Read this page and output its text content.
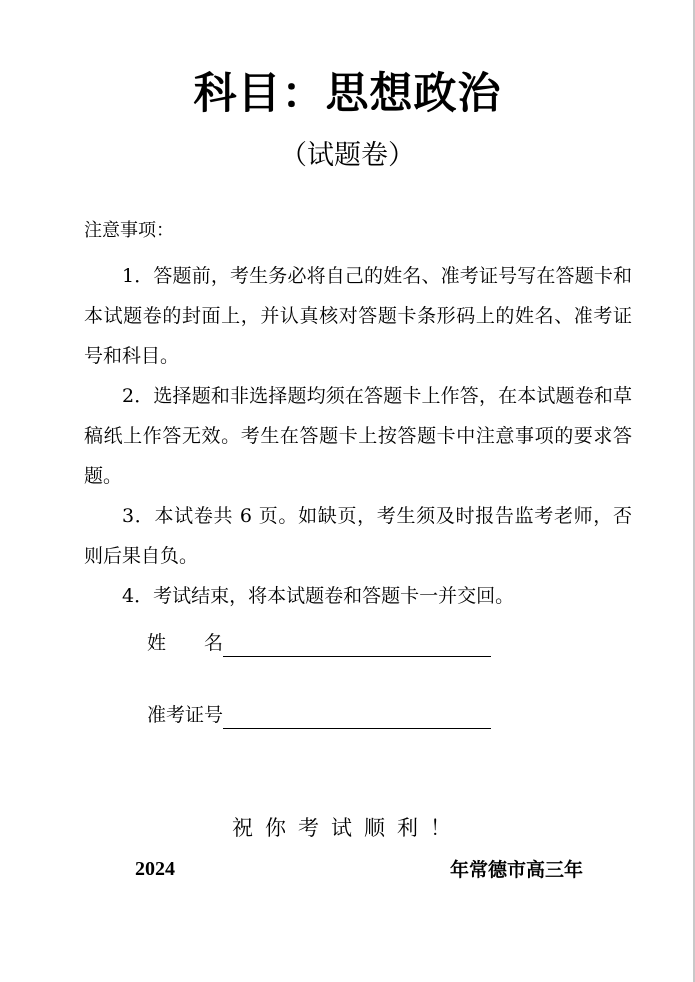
科目：思想政治
（试题卷）
注意事项：

1．答题前，考生务必将自己的姓名、准考证号写在答题卡和本试题卷的封面上，并认真核对答题卡条形码上的姓名、准考证号和科目。

2．选择题和非选择题均须在答题卡上作答，在本试题卷和草稿纸上作答无效。考生在答题卡上按答题卡中注意事项的要求答题。

3．本试卷共 6 页。如缺页，考生须及时报告监考老师，否则后果自负。

4．考试结束，将本试题卷和答题卡一并交回。

姓　　名
准考证号
祝你考试顺利！
2024	年常德市高三年
